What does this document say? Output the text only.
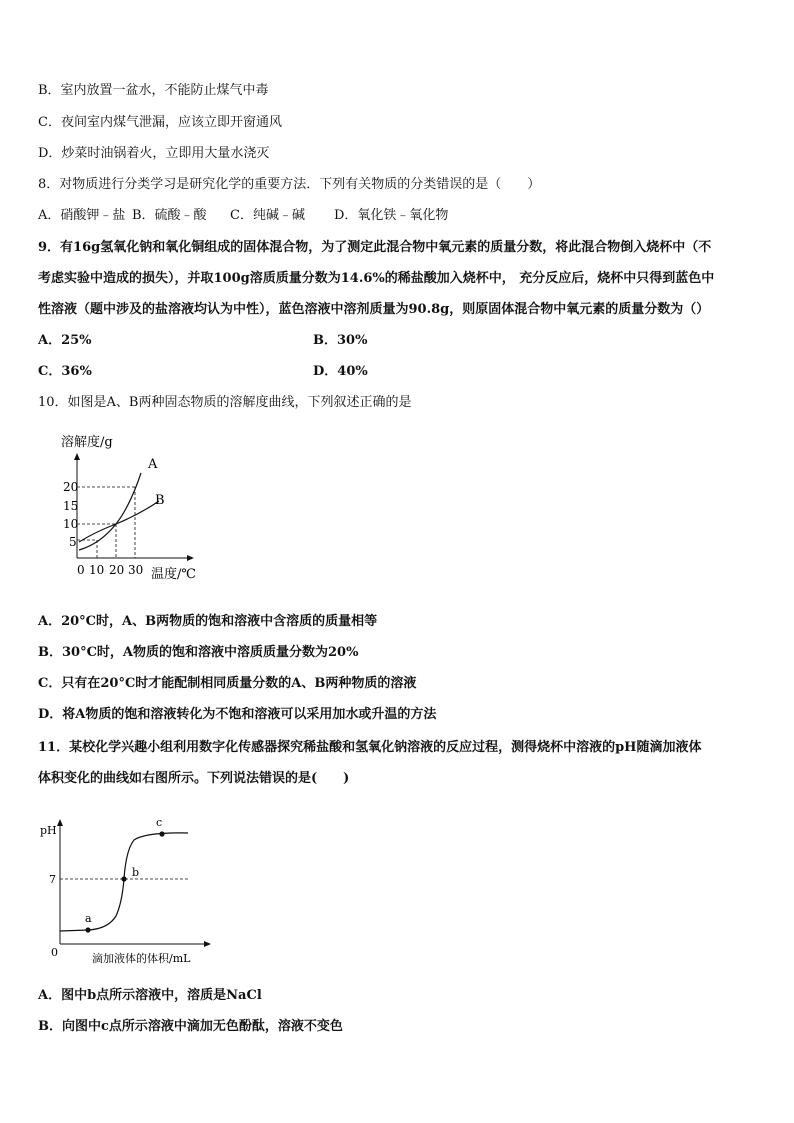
B．室内放置一盆水，不能防止煤气中毒
C．夜间室内煤气泄漏，应该立即开窗通风
D．炒菜时油锅着火，立即用大量水浇灭
8．对物质进行分类学习是研究化学的重要方法．下列有关物质的分类错误的是（　　）
A．硝酸钾﹣盐 B．硫酸﹣酸 C．纯碱﹣碱 D．氧化铁﹣氧化物
9．有16g氢氧化钠和氧化铜组成的固体混合物，为了测定此混合物中氧元素的质量分数，将此混合物倒入烧杯中（不
考虑实验中造成的损失），并取100g溶质质量分数为14.6%的稀盐酸加入烧杯中， 充分反应后，烧杯中只得到蓝色中
性溶液（题中涉及的盐溶液均认为中性），蓝色溶液中溶剂质量为90.8g，则原固体混合物中氧元素的质量分数为（）
A．25%	B．30%
C．36%	D．40%
10．如图是A、B两种固态物质的溶解度曲线，下列叙述正确的是
溶解度/g
A
B
20
15
10
5
0 10 20 30 温度/℃
A．20°C时，A、B两物质的饱和溶液中含溶质的质量相等
B．30°C时，A物质的饱和溶液中溶质质量分数为20%
C．只有在20°C时才能配制相同质量分数的A、B两种物质的溶液
D．将A物质的饱和溶液转化为不饱和溶液可以采用加水或升温的方法
11．某校化学兴趣小组利用数字化传感器探究稀盐酸和氢氧化钠溶液的反应过程，测得烧杯中溶液的pH随滴加液体
体积变化的曲线如右图所示。下列说法错误的是(　　)
pH
7
0
a
b
c
滴加液体的体积/mL
A．图中b点所示溶液中，溶质是NaCl
B．向图中c点所示溶液中滴加无色酚酞，溶液不变色
